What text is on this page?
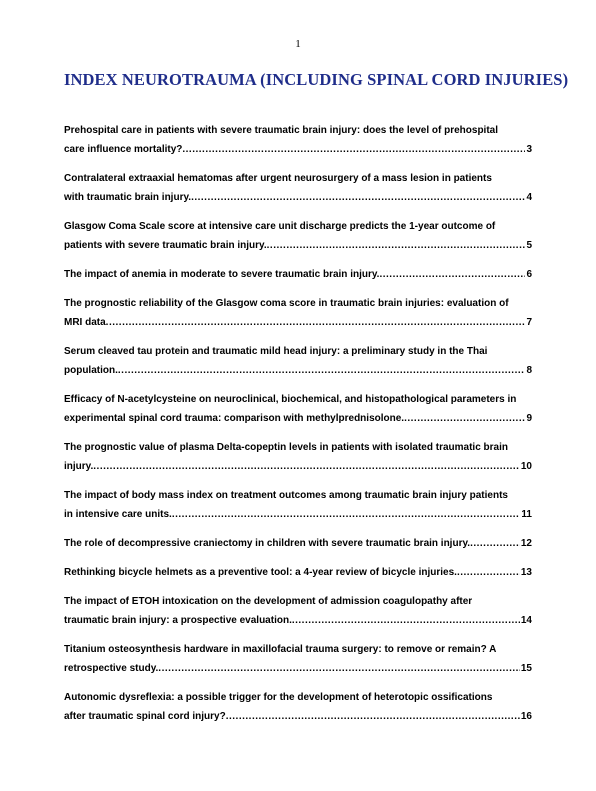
1
INDEX NEUROTRAUMA (INCLUDING SPINAL CORD INJURIES)
Prehospital care in patients with severe traumatic brain injury: does the level of prehospital
care influence mortality? .....	3
Contralateral extraaxial hematomas after urgent neurosurgery of a mass lesion in patients
with traumatic brain injury. .....	4
Glasgow Coma Scale score at intensive care unit discharge predicts the 1-year outcome of
patients with severe traumatic brain injury. .....	5
The impact of anemia in moderate to severe traumatic brain injury. .....	6
The prognostic reliability of the Glasgow coma score in traumatic brain injuries: evaluation of
MRI data .....	7
Serum cleaved tau protein and traumatic mild head injury: a preliminary study in the Thai
population. .....	8
Efficacy of N-acetylcysteine on neuroclinical, biochemical, and histopathological parameters in
experimental spinal cord trauma: comparison with methylprednisolone. .....	9
The prognostic value of plasma Delta-copeptin levels in patients with isolated traumatic brain
injury. .....	10
The impact of body mass index on treatment outcomes among traumatic brain injury patients
in intensive care units. .....	11
The role of decompressive craniectomy in children with severe traumatic brain injury. .....	12
Rethinking bicycle helmets as a preventive tool: a 4-year review of bicycle injuries. .....	13
The impact of ETOH intoxication on the development of admission coagulopathy after
traumatic brain injury: a prospective evaluation. .....	14
Titanium osteosynthesis hardware in maxillofacial trauma surgery: to remove or remain? A
retrospective study. .....	15
Autonomic dysreflexia: a possible trigger for the development of heterotopic ossifications
after traumatic spinal cord injury? .....	16
